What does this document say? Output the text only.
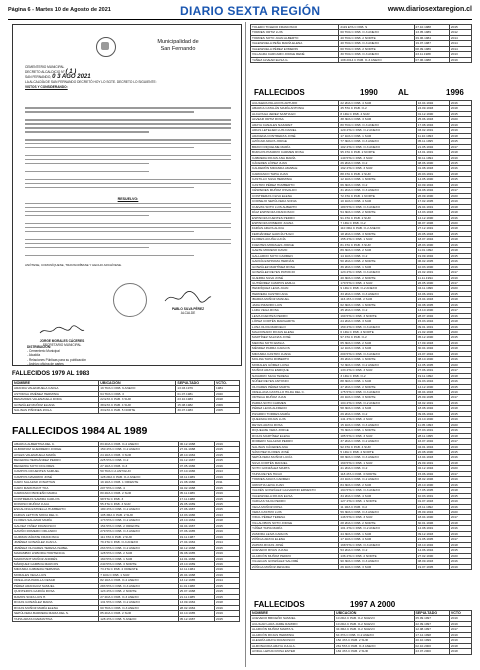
Página 6 - Martes 10 de Agosto de 2021	DIARIO SEXTA REGIÓN	www.diariosextaregion.cl
Municipalidad de
San Fernando
CEMENTERIO MUNICIPAL
DECRETO ALCALDICIO N° ( 1 )
SAN FERNANDO, 0 3 AGO 2021
LA ALCALDÍA DE SAN FERNANDO DECRETÓ HOY LO SGTE. DECRETO LO SIGUIENTE:
VISTOS Y CONSIDERANDO:
RESUELVO:
ANÓTESE, COMUNÍQUESE, TRANSCRÍBASE Y HECHO ARCHÍVESE.
PABLO SILVA PÉREZ
ALCALDE
JORGE MORALES CÁCERES
SECRETARIO MUNICIPAL
DISTRIBUCIÓN:
- Cementerio Municipal
- Alcaldía
- Relaciones Públicas para su publicación
- Archivo oficina de partes
TOLEDO TOLEDO FRANCISCO	2119 ETA C PAB. S	27.10.1988	2015
TORRES ORTIZ LUIS	60 TRA C PAB. O-3 ANEXO	13.05.1989	2012
TORRES SOTO JUAN ALBERTO	40 TRA C PAB. 2 NORTE	29.06.1984	2014
VALENZUELA PEÑA MARÍA ELENA	40 TRA C PAB. O-3 ANEXO	19.07.1987	2014
VALENZUELA PÉREZ EXMERIN	60 TRA C PAB. 2 NORTE	08.09.1986	2014
VILLAGRA CARCAMO JORGE RENÉ	30 TRA C PAB. O-3 ANEXO	23.11.1988	2013
YAÑEZ ALVEAR ELISA G.	108 2014 C PAB. O-3 ANEXO	07.06.1988	2019
FALLECIDOS 1979 AL 1983
NOMBRE	UBICACIÓN	SEPULTADO	VCTO.
ARANDA VALENZUELA CARLA	19 TRA C PAB. 6 ANEXO	13.03.1979	1984
ASTORGA JIMÉNEZ HERMINIA	64 TRA C PAB. 3	01.07.1981	2020
BENAVIDES VALENZUELA DORA	22 ETA C PAB. 3 SUR	23.10.1983	2018
GONZÁLEZ MUÑOZ ELIANA	38 ETA C PAB. 4 SUR	15.08.1982	2009
SALINAS PIÑONES ZOILA	33 ETA C PAB. 5 NORTE	30.07.1983	2005
FALLECIDOS 1984 AL 1989
ABARCA ALBERTINA DEL C.	83 2DA C PAB. O-2 ANEXO	06.12.1988	2019
ALBORNOZ GUERRERO JORGE	150 4TA C PAB. O-2 ANEXO	27.01.1988	2015
AVILES VALENZUELA MARÍA	24 1RA C PAB. 3 SUR	28.10.1984	2015
BECERRA HERNÁNDEZ PEDRO	225 5TA C PAB. O-2	01.12.1987	2015
BECERRA SOTO DOLORES	27 1RA C PAB. O-3	07.05.1986	2016
CAMPOS CIFUENTES SAMUEL	50 TRA C A ANTIGUO	07.10.1986	2013
CAMPOS NAVARRO JOSÉ	128 2DA C PAB. O-2 ANEXO	03.11.1989	2019
CARO SALAZAR JONATHAN	19 1RA C PAB. 1 ORIENTE	21.08.1986	2011
CARO MARCHANT TOA	207 5TA C PAB. 4	04.02.1988	2015
CARRASCO BRICEÑO MARIA	80 2RA C PAB. 2 SUR	05.11.1986	2019
CONTRERAS SAMIRA CARLOS	98 5TA C PAB. 3	17.11.1988	2015
DONOSO MUÑOZ JULIA	55 3TA C PAB. 3 SUR	29.05.1989	2015
ESCALONA ESTRELLA HUMBERTO	180 4TA C PAB. O-2 ANEXO	27.06.1987	2015
FARIAS LETTON SOFIA DEL C.	105 3RA C PAB. 2 SUR	13.03.1986	2013
FLORES SALAZAR MARÍA	173 5TA C PAB. O-2 ANEXO	23.10.1984	2018
GALVEZ YAÑEZ FRANCISCO	154 5TA C PAB. 2 ORIENTE	04.04.1987	2015
GAVIÑO ROMERO ORLANDO	279 5TA C PAB. O-3 ANEXO	07.06.1985	2019
GUZMAN ZÁRATE FRANCISCA	111 3TA C PAB. 2 SUR	19.11.1987	2019
JIMÉNEZ GONZÁLEZ JUAN A.	79 4TA C PAB. O-3 ANEXO	27.04.1984	2014
JIMÉNEZ OLIVARES TERESA ISABEL	263 5TA C PAB. O-2 ANEXO	02.12.1988	2015
MARAMBIO LISBORIA HORTENCIA	128 5TA C PAB. 2 SUR	09.08.1985	2019
MARCHANT MUÑOZ ANDRÉS	160 5TA C PAB. 1 SUR	14.01.1986	2019
MÁRQUEZ GAMBOA MARCOS	240 5TA C PAB. 3 NORTE	23.10.1989	2016
MIRANDA CABRERA HERMINIA	73 4TA C PAB. 2 ORIENTE	12.11.1984	2016
MORALES VEGA LUIS	7 1RA C PAB. 1 SUR	26.04.1988	2019
ORELLANA PADILLA CESAR	82 1RA C PAB. O-2 ANEXO	13.12.1985	2014
PÉREZ ARANGUIZ SAMUEL	283 5TA C PAB. O-3 ANEXO	11.01.1988	2015
QUINTEROS GARCÍA ROSA	123 4TA C PAB. 2 NORTE	25.07.1988	2015
RAMOS SOZA LUIS H.	27 2DA C PAB. O-3 ANEXO	21.11.1985	2015
ROJAS GONZÁLEZ MARIA	131 5TA C PAB. O-2 ANEXO	13.09.1984	2018
ROJAS MUÑOZ MARÍA ELENA	60 TRA C PAB. O-3 ANEXO	28.02.1984	2016
SEPÚLVEDA BARRERA MARIA DEL S.	85 2DA C PAB. 2 SUR	16.10.1985	2019
TAPIA ARIAS DIAMANTINA	128 4TA C PAB. 5 ANEXO	05.12.1987	2015
FALLECIDOS	1990	AL	1996
AGUILERA PALACIOS ARTURO	22 2DA C PAB. 4 SUR	16.04.1992	2016
ABARCA CATALÁN MARÍA ANTONIA	45 5TA C PAB. O-2	24.09.1993	2018
ALCAYAGA JEREZ SANTIAGO	8 1RA C PAB. 4 SUR	01.12.1990	2015
ALVEAR ORTIZ ROSA	38 3RA C PAB. 3 SUR	25.06.1993	2020
ARAYA CANALES NAZARET	80 TRA C PAB. O-3 ANEXO	17.08.1994	2019
ARIAS LETELIER LUIS DANIEL	120 4TA C PAB. O-2 ANEXO	03.02.1991	2019
ARAVENA CONTRERAS JOSÉ	17 1RA C PAB. 1 SUR	11.10.1993	2018
AZÓCAR ARAYA JORGE	77 3RA C PAB. O-3 ANEXO	05.11.1995	2015
BRAVO RIQUELME MARÍA	102 4TA C PAB. O-3 ANEXO	21.05.1992	2017
BURGOS PIZARRO CARMEN ROSA	95 4TA C PAB. 2 NORTE	13.01.1991	2018
CABRERA ROJAS ANA MARÍA	140 5TA C PAB. 3 SUR	30.11.1994	2019
CÁCERES LÓPEZ JUAN	26 2DA C PAB. O-2	08.06.1990	2015
CALDERÓN MIRANDA AMABLE	192 4TA C PAB. 3 SUR	01.08.1993	2016
CARRASCO TAPIA JUAN	88 4TA C PAB. 2 SUR	20.03.1991	2018
CASTILLO SILVA HERMINIA	12 1RA C PAB. 1 NORTE	14.05.1990	2015
CASTRO PÉREZ HUMBERTO	66 3RA C PAB. O-2	10.09.1994	2019
CÉSPEDES MUÑOZ OSVALDO	31 2DA C PAB. O-3 ANEXO	04.08.1992	2017
CONTRERAS OLIVA ELENA	72 4TA C PAB. 1 NORTE	26.09.1990	2020
CORNEJO SEPÚLVEDA SONIA	10 1RA C PAB. 4 SUR	17.02.1995	2019
CUEVAS SOTO LUIS ALBERTO	180 5TA C PAB. O-3 ANEXO	29.04.1991	2018
DÍAZ ESPINOZA FRANCISCO	54 3RA C PAB. 2 NORTE	13.03.1993	2018
ESPINOZA FUENTES PEDRO	91 4TA C PAB. 2 SUR	12.12.1990	2016
ESPINOZA ROMERO JUANA	7 1RA C PAB. O-2	06.07.1996	2020
FARÍAS ARAYA ALICIA	110 3RA C PAB. O-2 ANEXO	27.12.1991	2018
FERNÁNDEZ GARCÍA HUGO	18 2DA C PAB. 3 NORTE	20.05.1993	2015
FLORES ACUÑA LUCÍA	155 4TA C PAB. 1 SUR	18.07.1994	2018
FUENTES MORALES JORGE	81 4TA C PAB. 3 SUR	28.03.1990	2016
GAETE MORENO DAVID	89 3RA C PAB. 2 SUR	11.01.1992	2018
GALLARDO SOTO CARMEN	14 1RA C PAB. O-2	19.09.1992	2015
GARCÍA ESPINOZA HERNÁN	50 2DA C PAB. 2 NORTE	06.02.1995	2016
GONZÁLEZ MARTÍNEZ ROSA	36 2DA C PAB. 1 SUR	10.03.1990	2016
GONZÁLEZ REYES PATRICIO	123 4TA C PAB. O-3 ANEXO	22.02.1991	2017
GUERRA SILVA JOSÉ	40 3RA C PAB. 2 NORTE	11.11.1994	2019
GUTIÉRREZ CAMPOS EMILIA	170 5TA C PAB. 4 SUR	26.05.1990	2017
HENRÍQUEZ LEIVA JUAN	9 1RA C PAB. O-2 ANEXO	04.11.1996	2020
HERRERA CASTRO ANA	33 2DA C PAB. O-3 ANEXO	16.06.1991	2015
IBARRA MUÑOZ MANUEL	116 4TA C PAB. 2 SUR	23.04.1993	2018
JARA PIZARRO LUIS	62 3RA C PAB. 1 NORTE	02.08.1995	2016
LARA VEGA ROSA	45 2DA C PAB. O-2	13.10.1990	2017
LEIVA FUENTES PEDRO	190 5TA C PAB. 3 NORTE	28.07.1992	2016
LÓPEZ CORTÉS MARGARITA	24 2DA C PAB. 3 SUR	15.03.1994	2018
LUNA OLIVA MARCELO	150 4TA C PAB. O-3 ANEXO	09.01.1991	2016
MALDONADO ROJAS ELENA	6 1RA C PAB. 2 NORTE	21.02.1996	2020
MARTÍNEZ SALINAS JOSÉ	97 4TA C PAB. O-2	05.12.1990	2015
MEDINA SOTO EMILIA	65 3RA C PAB. 2 SUR	17.09.1993	2019
MÉNDEZ PARRA CARLOS	12 1RA C PAB. 4 SUR	30.04.1992	2018
MIRANDA CASTRO JUANA	200 5TA C PAB. O-3 ANEXO	24.07.1994	2019
MOLINA TAPIA ROBERTO	39 2DA C PAB. 1 NORTE	08.10.1990	2016
MORALES GÓMEZ LUISA	72 3RA C PAB. O-2 ANEXO	12.05.1995	2020
MUÑOZ ARAYA ENRIQUE	133 4TA C PAB. 3 SUR	27.06.1991	2017
NAVARRO SILVA TERESA	3 1RA C PAB. O-2	19.11.1992	2018
NÚÑEZ REYES ANTONIO	88 3RA C PAB. 1 SUR	01.03.1994	2016
OLIVARES PÉREZ MARTA	47 2DA C PAB. 2 NORTE	14.12.1990	2015
ORELLANA CASTILLO HILDA DEL C.	175 5TA C PAB. O-3 ANEXO	06.04.1993	2019
ORTEGA MUÑOZ JUAN	20 1RA C PAB. 3 NORTE	25.09.1995	2017
PARRA SOTO CARMEN	104 4TA C PAB. O-2 ANEXO	03.02.1991	2016
PÉREZ LEIVA ALFREDO	58 3RA C PAB. 4 SUR	18.08.1992	2018
PIZARRO TORRES MARÍA	29 2DA C PAB. O-2	09.06.1994	2015
QUEZADA ROJAS LUIS	141 4TA C PAB. 2 SUR	22.10.1990	2019
REYES ARAYA ROSA	15 1RA C PAB. O-3 ANEXO	11.05.1993	2020
RIQUELME VERA JORGE	76 3RA C PAB. 1 NORTE	07.03.1991	2016
ROJAS MARTÍNEZ ELENA	185 5TA C PAB. 3 SUR	28.11.1995	2018
ROMERO SALAZAR PEDRO	37 2DA C PAB. O-2 ANEXO	16.07.1992	2017
SALINAS CÁCERES ANA	92 4TA C PAB. 4 SUR	04.01.1994	2019
SÁNCHEZ FLORES JOSÉ	5 1RA C PAB. 2 NORTE	20.08.1990	2015
SEPÚLVEDA MUÑOZ LUCÍA	68 3RA C PAB. O-3 ANEXO	13.04.1993	2016
SILVA CORTÉS MANUEL	160 5TA C PAB. 1 SUR	29.09.1991	2018
SOTO GONZÁLEZ MARTA	41 2DA C PAB. O-2	02.12.1994	2020
TAPIA REYES HUGO	118 4TA C PAB. 3 NORTE	15.06.1992	2017
TORRES ARAYA CARMEN	23 1RA C PAB. O-2 ANEXO	08.02.1996	2019
URRUTIA LEIVA JUAN	84 3RA C PAB. 2 SUR	26.10.1990	2016
VALDÉS GONZÁLEZ GALVARINO ERNESTO	194 5TA C PAB. O-3 ANEXO	17.05.1995	2018
VALENZUELA ROJAS ELISA	34 2DA C PAB. 4 SUR	10.03.1991	2015
VARGAS SILVA PEDRO	127 4TA C PAB. 1 NORTE	01.07.1993	2019
VEGA MUÑOZ ROSA	11 1RA C PAB. O-2	23.11.1992	2016
VERA CASTRO LUIS	59 3RA C PAB. O-3 ANEXO	05.09.1994	2020
VIDAL PÉREZ TERESA	146 5TA C PAB. 3 SUR	18.04.1990	2017
VILLALOBOS SOTO JORGE	28 2DA C PAB. 2 NORTE	30.01.1996	2018
YÁÑEZ TAPIA MARÍA	101 4TA C PAB. O-2 ANEXO	12.08.1991	2016
ZAMORA LEIVA CARLOS	44 3RA C PAB. 1 SUR	09.12.1993	2019
ZÚÑIGA ARAYA ELENA	17 1RA C PAB. 4 SUR	21.05.1995	2017
ZAPATA ROJAS JOSÉ	168 5TA C PAB. O-3 ANEXO	03.10.1992	2018
ACEVEDO RIVAS JUANA	53 2DA C PAB. O-2	14.06.1994	2015
ALARCÓN MUÑOZ PEDRO	136 4TA C PAB. 2 NORTE	27.02.1990	2020
VILLEGAS GONZÁLEZ SALOMÉ	90 3RA C PAB. O-3 ANEXO	08.09.1993	2016
ZÚÑIGA MUÑOZ ZENAIDA	26 1RA C PAB. 3 SUR	19.07.1995	2019
FALLECIDOS	1997 A 2000
NOMBRE	UBICACIÓN	SEPULTADO	VCTO
ACEVEDO BRICEÑO SAMUEL	10 2DA C PAB. O-2 NUEVO	25.09.1997	2019
AGUILAR LARA JAIME RAMIRO	10 2DA C PAB. O-2 NUEVO	22.09.1997	2019
ALARCÓN MUÑOZ MARTA S.	34 3RA C PAB. O-2 NUEVO	12.08.1997	2017
ALARCÓN ROJAS HERMINIA	64 3TA C PAB. O-2 ANEXO	17.12.1998	2019
ALEGRÍA ARAYA FRANCISCO	152 4TA C PAB. 2 SUR	20.10.1999	2019
ALMONACIDA ARAYA JULIA A.	261 5TA C PAB. O-3 ANEXO	02.10.2000	2018
AVIDAL LEPIAN ROSA ESTER	184 4TA C PAB. 2 SUR	23.07.2000	2018
